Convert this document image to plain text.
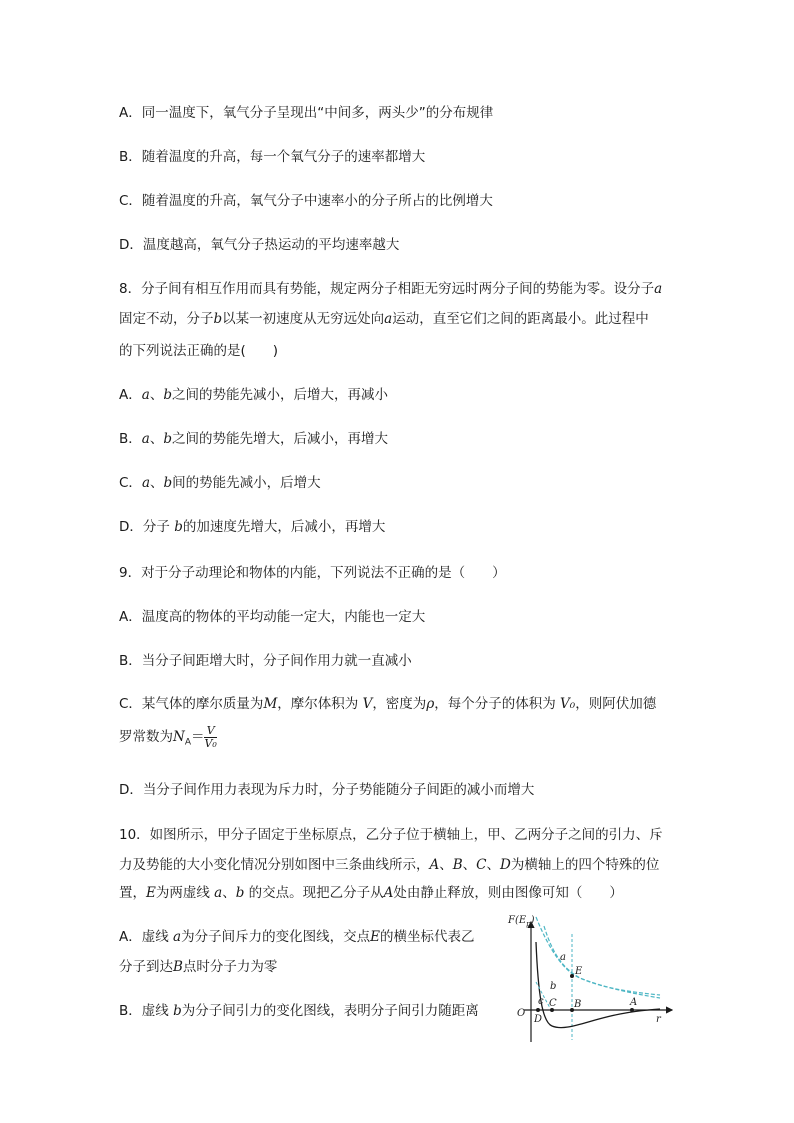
A．同一温度下，氧气分子呈现出“中间多，两头少”的分布规律
B．随着温度的升高，每一个氧气分子的速率都增大
C．随着温度的升高，氧气分子中速率小的分子所占的比例增大
D．温度越高，氧气分子热运动的平均速率越大
8．分子间有相互作用而具有势能，规定两分子相距无穷远时两分子间的势能为零。设分子a
固定不动，分子b以某一初速度从无穷远处向a运动，直至它们之间的距离最小。此过程中
的下列说法正确的是(　　)
A．a、b之间的势能先减小，后增大，再减小
B．a、b之间的势能先增大，后减小，再增大
C．a、b间的势能先减小，后增大
D．分子 b的加速度先增大，后减小，再增大
9．对于分子动理论和物体的内能，下列说法不正确的是（　　）
A．温度高的物体的平均动能一定大，内能也一定大
B．当分子间距增大时，分子间作用力就一直减小
C．某气体的摩尔质量为M，摩尔体积为 V，密度为ρ，每个分子的体积为 V₀，则阿伏加德
罗常数为$N_A= \frac{V}{\text{V₀}}$
D．当分子间作用力表现为斥力时，分子势能随分子间距的减小而增大
10．如图所示，甲分子固定于坐标原点，乙分子位于横轴上，甲、乙两分子之间的引力、斥
力及势能的大小变化情况分别如图中三条曲线所示，A、B、C、D为横轴上的四个特殊的位
置，E为两虚线 a、b 的交点。现把乙分子从A处由静止释放，则由图像可知（　　）
A．虚线 a为分子间斥力的变化图线，交点E的横坐标代表乙
分子到达B点时分子力为零
B．虚线 b为分子间引力的变化图线，表明分子间引力随距离
$F(E_p)$
O
r
a
b
E
c C B	A
D
